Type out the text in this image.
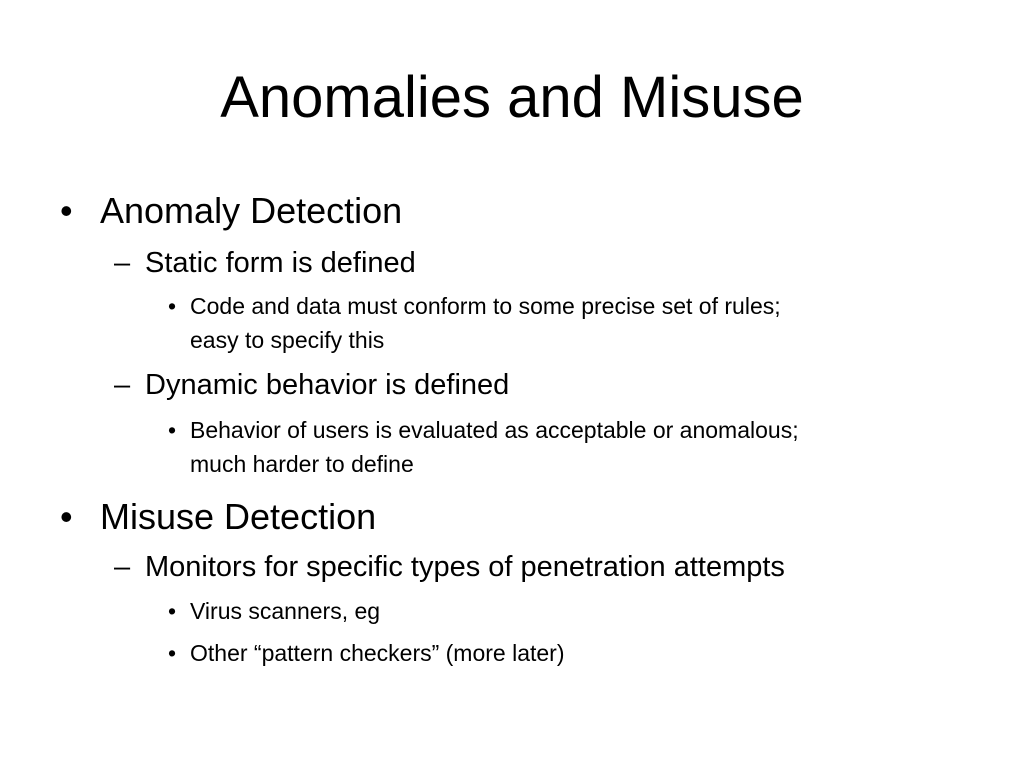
Anomalies and Misuse
• Anomaly Detection
– Static form is defined
• Code and data must conform to some precise set of rules;
easy to specify this
– Dynamic behavior is defined
• Behavior of users is evaluated as acceptable or anomalous;
much harder to define
• Misuse Detection
– Monitors for specific types of penetration attempts
• Virus scanners, eg
• Other “pattern checkers” (more later)
